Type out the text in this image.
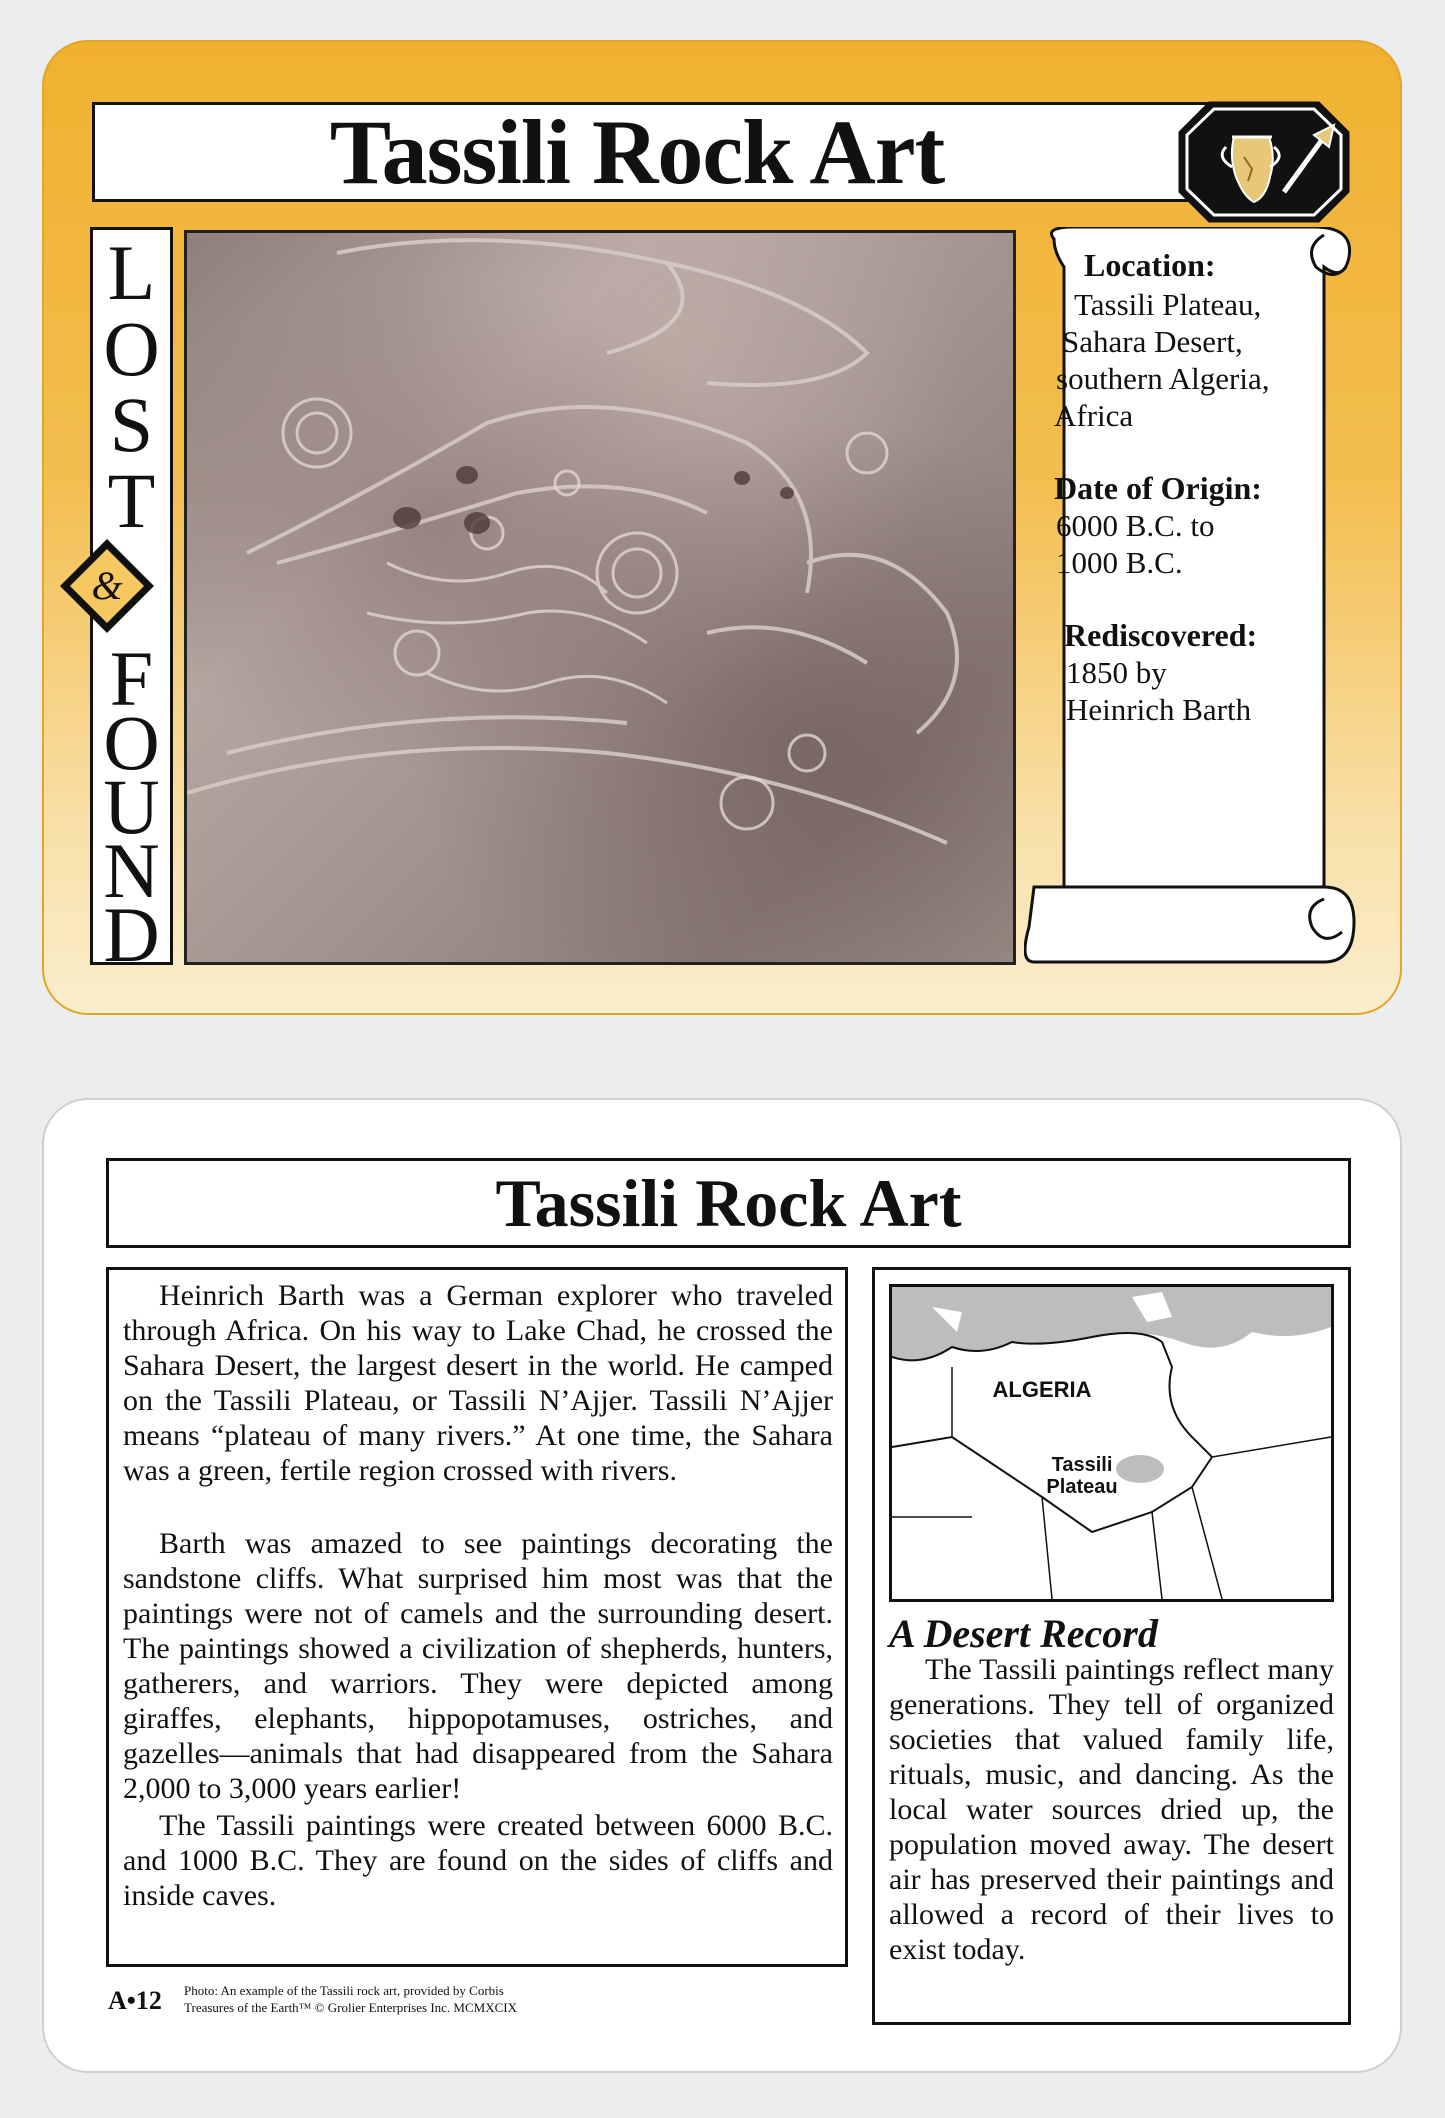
Tassili Rock Art
L
O
S
T
F
O
U
N
D
&
Location:
Tassili Plateau,
Sahara Desert,
southern Algeria,
Africa
Date of Origin:
6000 B.C. to
1000 B.C.
Rediscovered:
1850 by
Heinrich Barth
Tassili Rock Art

Heinrich Barth was a German explorer who traveled through Africa. On his way to Lake Chad, he crossed the Sahara Desert, the largest desert in the world. He camped on the Tassili Plateau, or Tassili N’Ajjer. Tassili N’Ajjer means “plateau of many rivers.” At one time, the Sahara was a green, fertile region crossed with rivers.

Barth was amazed to see paintings decorating the sandstone cliffs. What surprised him most was that the paintings were not of camels and the surrounding desert. The paintings showed a civilization of shepherds, hunters, gatherers, and warriors. They were depicted among giraffes, elephants, hippopotamuses, ostriches, and gazelles—animals that had disappeared from the Sahara 2,000 to 3,000 years earlier!

The Tassili paintings were created between 6000 B.C. and 1000 B.C. They are found on the sides of cliffs and inside caves.

ALGERIA
Tassili
Plateau
A Desert Record

The Tassili paintings reflect many generations. They tell of organized societies that valued family life, rituals, music, and dancing. As the local water sources dried up, the population moved away. The desert air has preserved their paintings and allowed a record of their lives to exist today.

A•12 Photo: An example of the Tassili rock art, provided by Corbis
Treasures of the Earth™ © Grolier Enterprises Inc. MCMXCIX
